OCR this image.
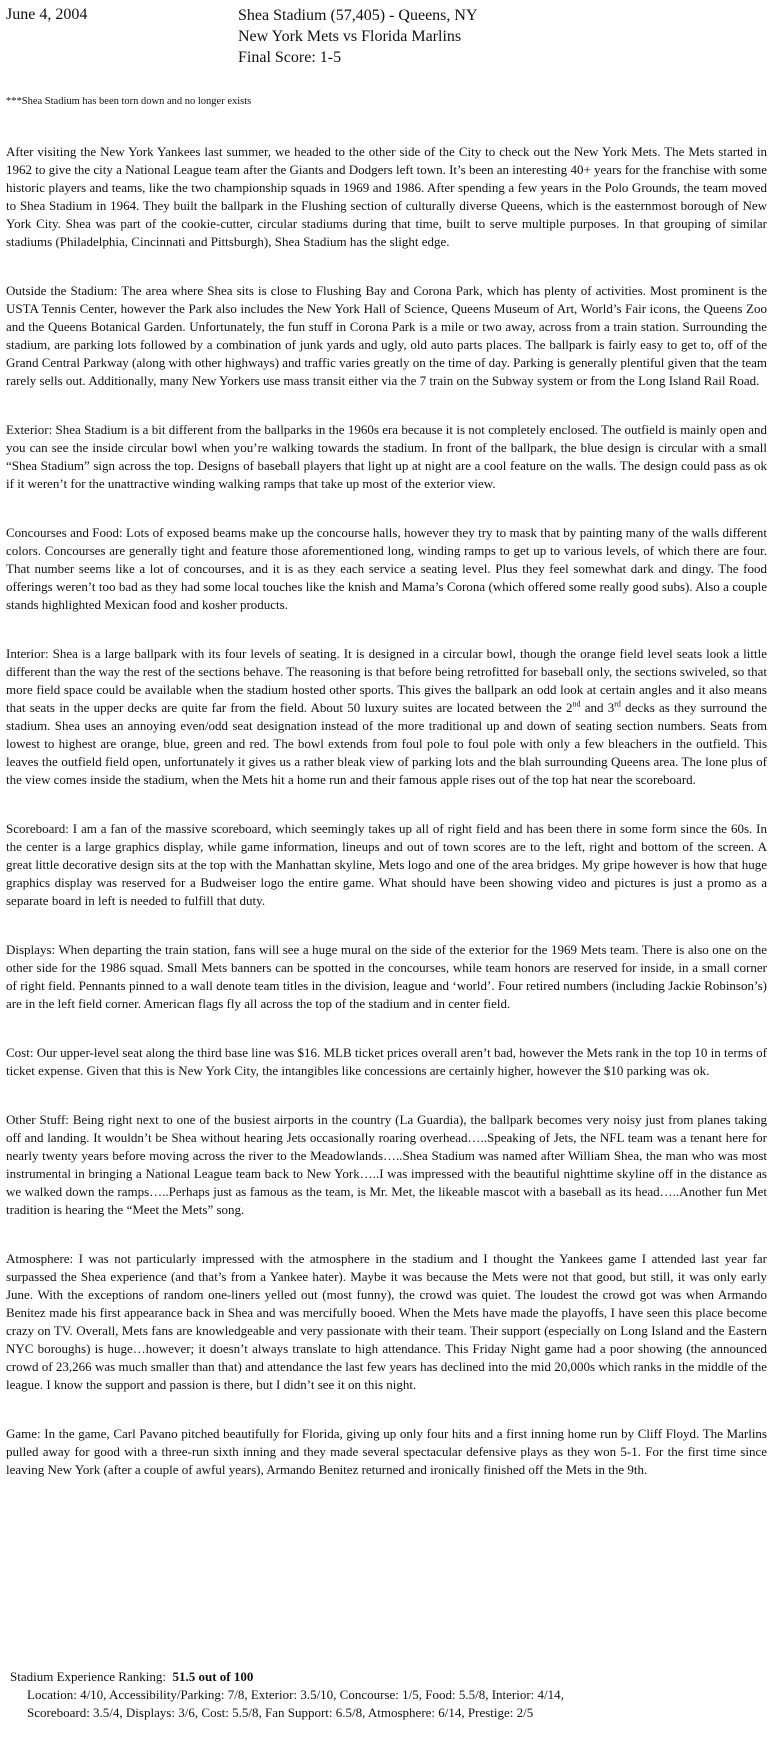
June 4, 2004	Shea Stadium (57,405) - Queens, NY
New York Mets vs Florida Marlins
Final Score: 1-5
***Shea Stadium has been torn down and no longer exists

After visiting the New York Yankees last summer, we headed to the other side of the City to check out the New York Mets. The Mets started in 1962 to give the city a National League team after the Giants and Dodgers left town. It’s been an interesting 40+ years for the franchise with some historic players and teams, like the two championship squads in 1969 and 1986. After spending a few years in the Polo Grounds, the team moved to Shea Stadium in 1964. They built the ballpark in the Flushing section of culturally diverse Queens, which is the easternmost borough of New York City. Shea was part of the cookie-cutter, circular stadiums during that time, built to serve multiple purposes. In that grouping of similar stadiums (Philadelphia, Cincinnati and Pittsburgh), Shea Stadium has the slight edge.

Outside the Stadium: The area where Shea sits is close to Flushing Bay and Corona Park, which has plenty of activities. Most prominent is the USTA Tennis Center, however the Park also includes the New York Hall of Science, Queens Museum of Art, World’s Fair icons, the Queens Zoo and the Queens Botanical Garden. Unfortunately, the fun stuff in Corona Park is a mile or two away, across from a train station. Surrounding the stadium, are parking lots followed by a combination of junk yards and ugly, old auto parts places. The ballpark is fairly easy to get to, off of the Grand Central Parkway (along with other highways) and traffic varies greatly on the time of day. Parking is generally plentiful given that the team rarely sells out. Additionally, many New Yorkers use mass transit either via the 7 train on the Subway system or from the Long Island Rail Road.

Exterior: Shea Stadium is a bit different from the ballparks in the 1960s era because it is not completely enclosed. The outfield is mainly open and you can see the inside circular bowl when you’re walking towards the stadium. In front of the ballpark, the blue design is circular with a small “Shea Stadium” sign across the top. Designs of baseball players that light up at night are a cool feature on the walls. The design could pass as ok if it weren’t for the unattractive winding walking ramps that take up most of the exterior view.

Concourses and Food: Lots of exposed beams make up the concourse halls, however they try to mask that by painting many of the walls different colors. Concourses are generally tight and feature those aforementioned long, winding ramps to get up to various levels, of which there are four. That number seems like a lot of concourses, and it is as they each service a seating level. Plus they feel somewhat dark and dingy. The food offerings weren’t too bad as they had some local touches like the knish and Mama’s Corona (which offered some really good subs). Also a couple stands highlighted Mexican food and kosher products.

Interior: Shea is a large ballpark with its four levels of seating. It is designed in a circular bowl, though the orange field level seats look a little different than the way the rest of the sections behave. The reasoning is that before being retrofitted for baseball only, the sections swiveled, so that more field space could be available when the stadium hosted other sports. This gives the ballpark an odd look at certain angles and it also means that seats in the upper decks are quite far from the field. About 50 luxury suites are located between the 2nd and 3rd decks as they surround the stadium. Shea uses an annoying even/odd seat designation instead of the more traditional up and down of seating section numbers. Seats from lowest to highest are orange, blue, green and red. The bowl extends from foul pole to foul pole with only a few bleachers in the outfield. This leaves the outfield field open, unfortunately it gives us a rather bleak view of parking lots and the blah surrounding Queens area. The lone plus of the view comes inside the stadium, when the Mets hit a home run and their famous apple rises out of the top hat near the scoreboard.

Scoreboard: I am a fan of the massive scoreboard, which seemingly takes up all of right field and has been there in some form since the 60s. In the center is a large graphics display, while game information, lineups and out of town scores are to the left, right and bottom of the screen. A great little decorative design sits at the top with the Manhattan skyline, Mets logo and one of the area bridges. My gripe however is how that huge graphics display was reserved for a Budweiser logo the entire game. What should have been showing video and pictures is just a promo as a separate board in left is needed to fulfill that duty.

Displays: When departing the train station, fans will see a huge mural on the side of the exterior for the 1969 Mets team. There is also one on the other side for the 1986 squad. Small Mets banners can be spotted in the concourses, while team honors are reserved for inside, in a small corner of right field. Pennants pinned to a wall denote team titles in the division, league and ‘world’. Four retired numbers (including Jackie Robinson’s) are in the left field corner. American flags fly all across the top of the stadium and in center field.

Cost: Our upper-level seat along the third base line was $16. MLB ticket prices overall aren’t bad, however the Mets rank in the top 10 in terms of ticket expense. Given that this is New York City, the intangibles like concessions are certainly higher, however the $10 parking was ok.

Other Stuff: Being right next to one of the busiest airports in the country (La Guardia), the ballpark becomes very noisy just from planes taking off and landing. It wouldn’t be Shea without hearing Jets occasionally roaring overhead…..Speaking of Jets, the NFL team was a tenant here for nearly twenty years before moving across the river to the Meadowlands…..Shea Stadium was named after William Shea, the man who was most instrumental in bringing a National League team back to New York…..I was impressed with the beautiful nighttime skyline off in the distance as we walked down the ramps…..Perhaps just as famous as the team, is Mr. Met, the likeable mascot with a baseball as its head…..Another fun Met tradition is hearing the “Meet the Mets” song.

Atmosphere: I was not particularly impressed with the atmosphere in the stadium and I thought the Yankees game I attended last year far surpassed the Shea experience (and that’s from a Yankee hater). Maybe it was because the Mets were not that good, but still, it was only early June. With the exceptions of random one-liners yelled out (most funny), the crowd was quiet. The loudest the crowd got was when Armando Benitez made his first appearance back in Shea and was mercifully booed. When the Mets have made the playoffs, I have seen this place become crazy on TV. Overall, Mets fans are knowledgeable and very passionate with their team. Their support (especially on Long Island and the Eastern NYC boroughs) is huge…however; it doesn’t always translate to high attendance. This Friday Night game had a poor showing (the announced crowd of 23,266 was much smaller than that) and attendance the last few years has declined into the mid 20,000s which ranks in the middle of the league. I know the support and passion is there, but I didn’t see it on this night.

Game: In the game, Carl Pavano pitched beautifully for Florida, giving up only four hits and a first inning home run by Cliff Floyd. The Marlins pulled away for good with a three-run sixth inning and they made several spectacular defensive plays as they won 5-1. For the first time since leaving New York (after a couple of awful years), Armando Benitez returned and ironically finished off the Mets in the 9th.

Stadium Experience Ranking: 51.5 out of 100
Location: 4/10, Accessibility/Parking: 7/8, Exterior: 3.5/10, Concourse: 1/5, Food: 5.5/8, Interior: 4/14,
Scoreboard: 3.5/4, Displays: 3/6, Cost: 5.5/8, Fan Support: 6.5/8, Atmosphere: 6/14, Prestige: 2/5
